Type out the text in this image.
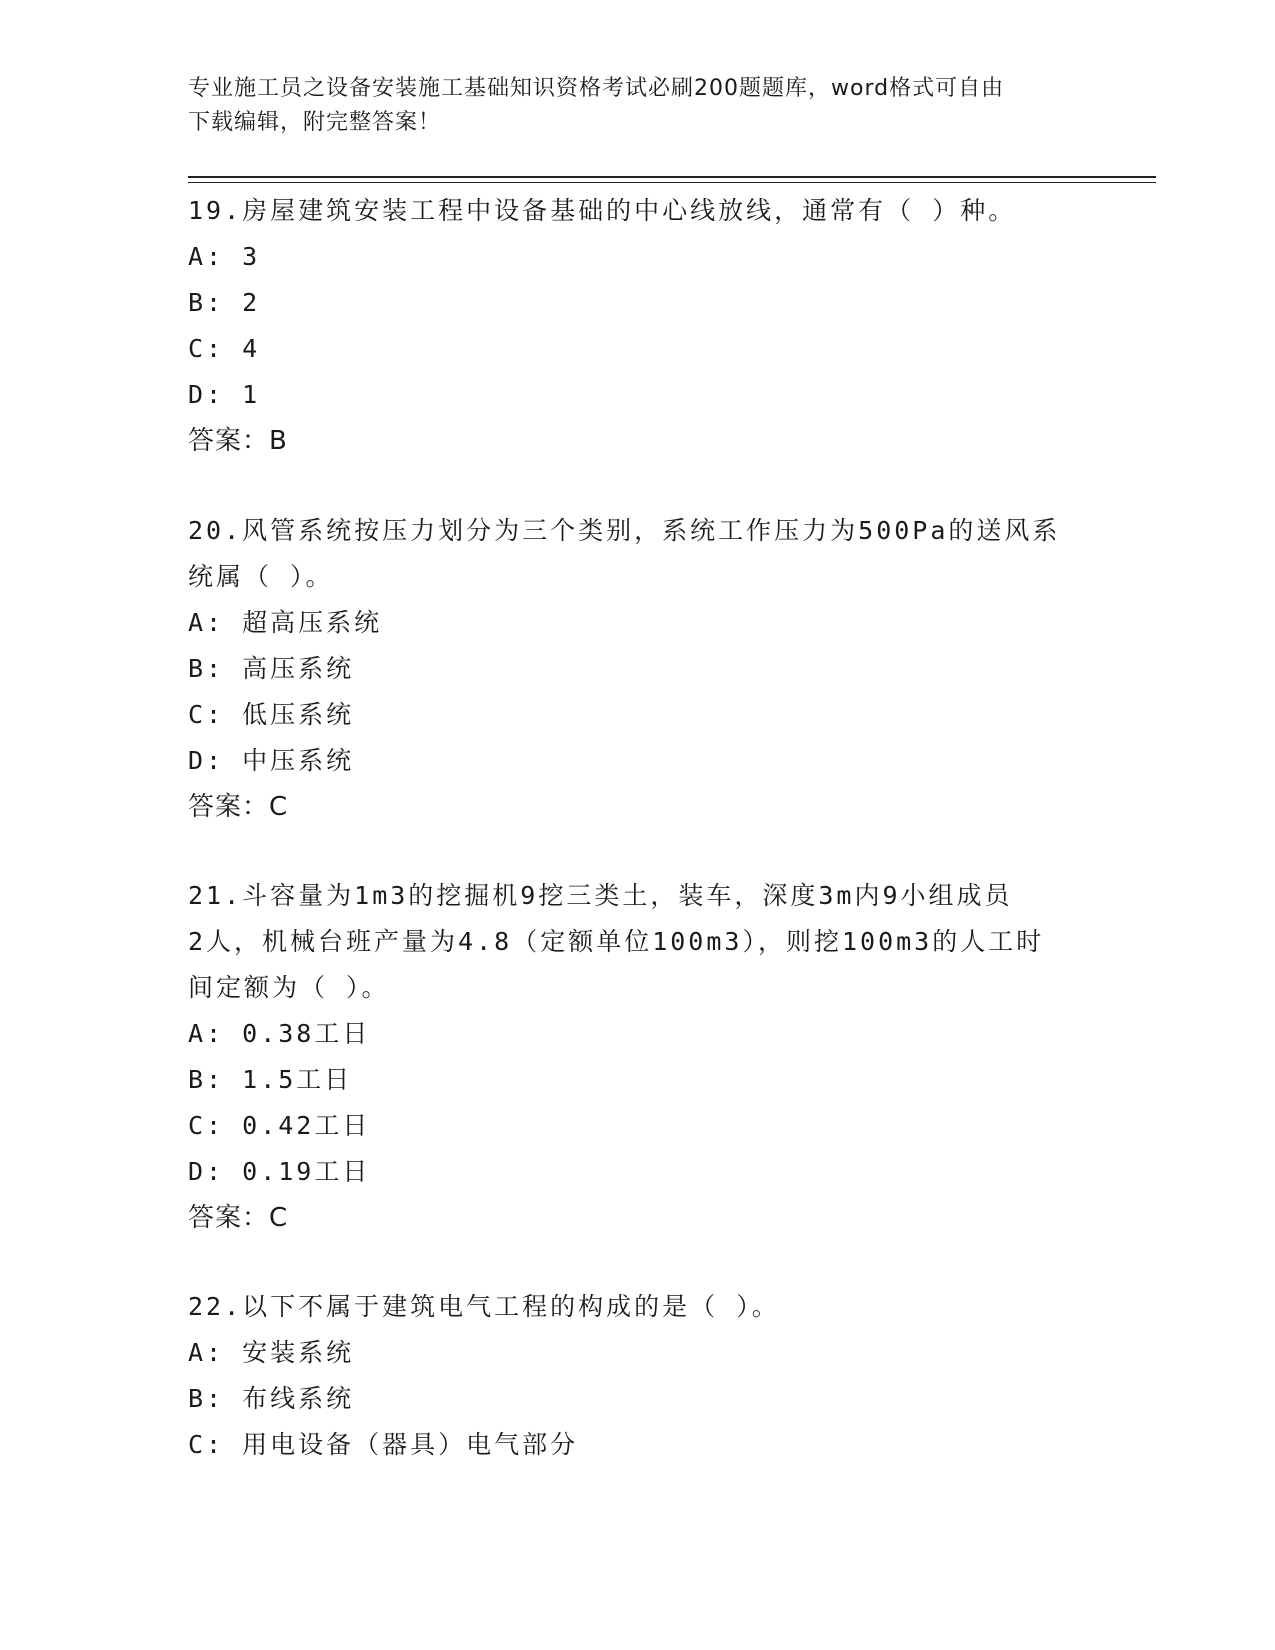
专业施工员之设备安装施工基础知识资格考试必刷200题题库，word格式可自由
下载编辑，附完整答案！

19.房屋建筑安装工程中设备基础的中心线放线，通常有（ ）种。

A: 3

B: 2

C: 4

D: 1

答案：B

20.风管系统按压力划分为三个类别，系统工作压力为500Pa的送风系

统属（ ）。

A: 超高压系统

B: 高压系统

C: 低压系统

D: 中压系统

答案：C

21.斗容量为1m3的挖掘机9挖三类土，装车，深度3m内9小组成员

2人，机械台班产量为4.8（定额单位100m3），则挖100m3的人工时

间定额为（ ）。

A: 0.38工日

B: 1.5工日

C: 0.42工日

D: 0.19工日

答案：C

22.以下不属于建筑电气工程的构成的是（ ）。

A: 安装系统

B: 布线系统

C: 用电设备（器具）电气部分
